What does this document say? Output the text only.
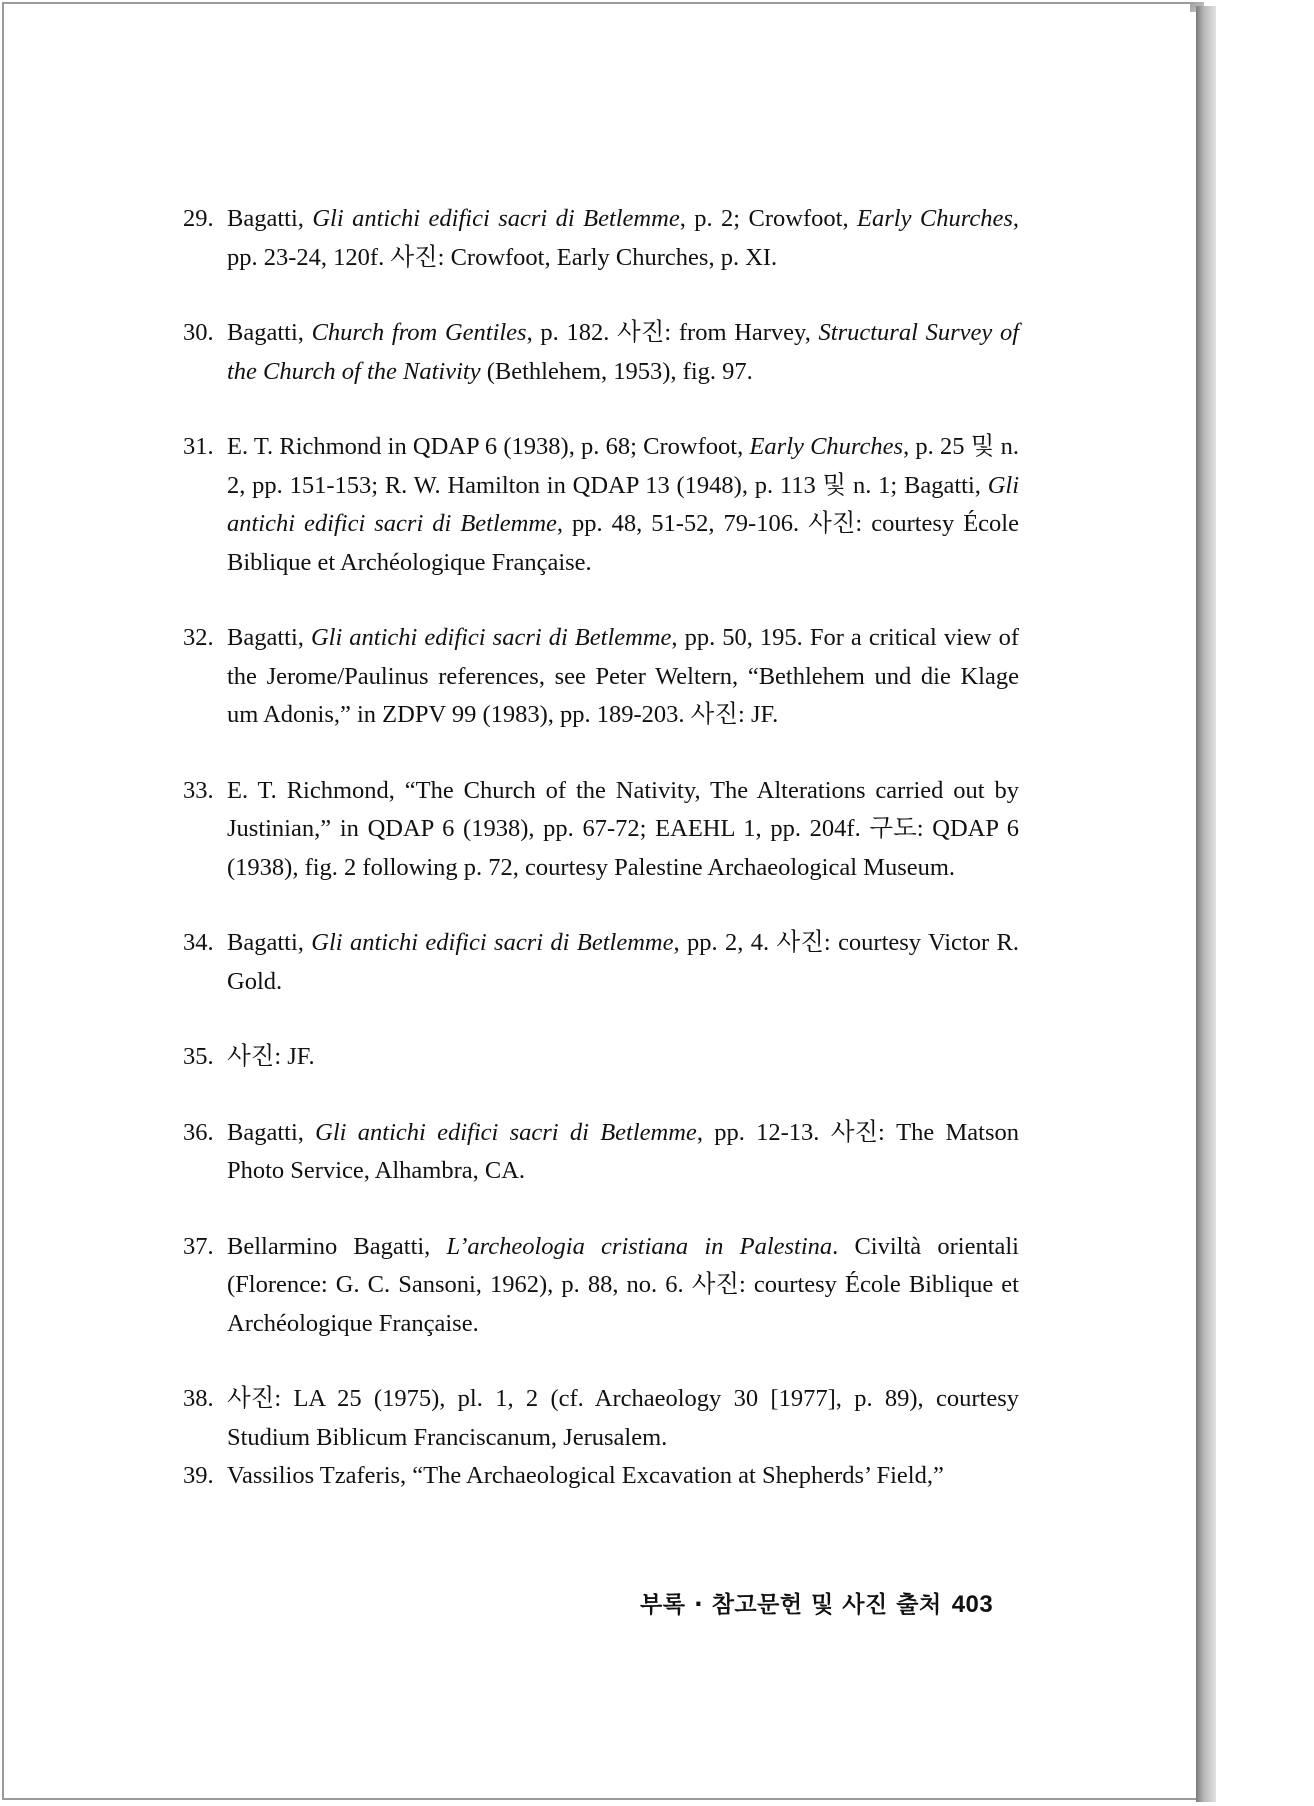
29. Bagatti, Gli antichi edifici sacri di Betlemme, p. 2; Crowfoot, Early Churches, pp. 23-24, 120f. 사진: Crowfoot, Early Churches, p. XI.
30. Bagatti, Church from Gentiles, p. 182. 사진: from Harvey, Structural Survey of the Church of the Nativity (Bethlehem, 1953), fig. 97.
31. E. T. Richmond in QDAP 6 (1938), p. 68; Crowfoot, Early Churches, p. 25 및 n. 2, pp. 151-153; R. W. Hamilton in QDAP 13 (1948), p. 113 및 n. 1; Bagatti, Gli antichi edifici sacri di Betlemme, pp. 48, 51-52, 79-106. 사진: courtesy École Biblique et Archéologique Française.
32. Bagatti, Gli antichi edifici sacri di Betlemme, pp. 50, 195. For a critical view of the Jerome/Paulinus references, see Peter Weltern, “Bethlehem und die Klage um Adonis,” in ZDPV 99 (1983), pp. 189-203. 사진: JF.
33. E. T. Richmond, “The Church of the Nativity, The Alterations carried out by Justinian,” in QDAP 6 (1938), pp. 67-72; EAEHL 1, pp. 204f. 구도: QDAP 6 (1938), fig. 2 following p. 72, courtesy Palestine Archaeological Museum.
34. Bagatti, Gli antichi edifici sacri di Betlemme, pp. 2, 4. 사진: courtesy Victor R. Gold.
35. 사진: JF.
36. Bagatti, Gli antichi edifici sacri di Betlemme, pp. 12-13. 사진: The Matson Photo Service, Alhambra, CA.
37. Bellarmino Bagatti, L’archeologia cristiana in Palestina. Civiltà orientali (Florence: G. C. Sansoni, 1962), p. 88, no. 6. 사진: courtesy École Biblique et Archéologique Française.
38. 사진: LA 25 (1975), pl. 1, 2 (cf. Archaeology 30 [1977], p. 89), courtesy Studium Biblicum Franciscanum, Jerusalem.
39. Vassilios Tzaferis, “The Archaeological Excavation at Shepherds’ Field,”
부록 · 참고문헌 및 사진 출처 403
